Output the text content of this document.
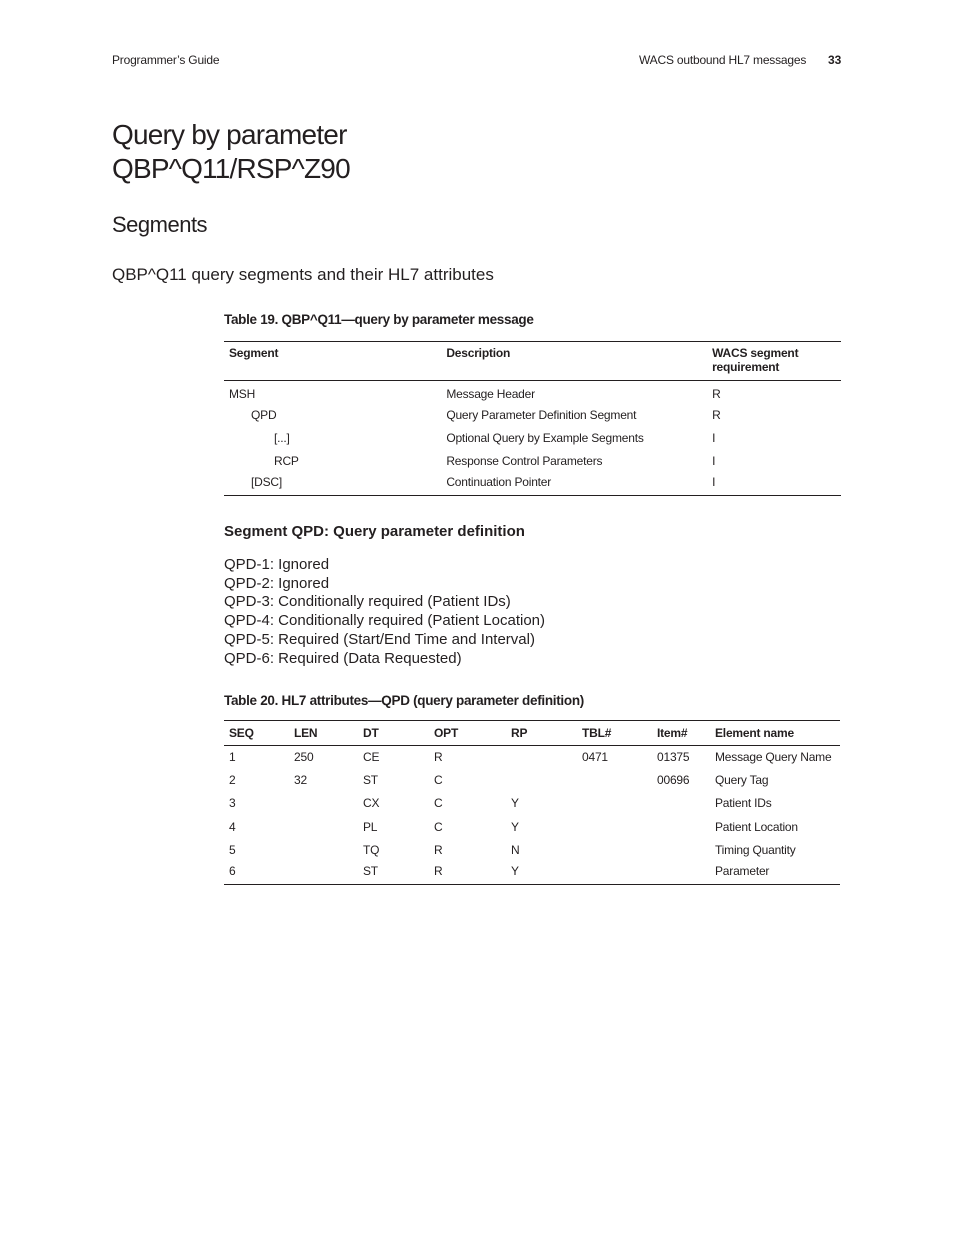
Programmer’s Guide	WACS outbound HL7 messages 33
Query by parameter
QBP^Q11/RSP^Z90
Segments
QBP^Q11 query segments and their HL7 attributes
Table 19. QBP^Q11—query by parameter message
Segment	Description	WACS segment requirement
MSH	Message Header	R
QPD	Query Parameter Definition Segment	R
[...]	Optional Query by Example Segments	I
RCP	Response Control Parameters	I
[DSC]	Continuation Pointer	I
Segment QPD: Query parameter definition
QPD-1: Ignored
QPD-2: Ignored
QPD-3: Conditionally required (Patient IDs)
QPD-4: Conditionally required (Patient Location)
QPD-5: Required (Start/End Time and Interval)
QPD-6: Required (Data Requested)
Table 20. HL7 attributes—QPD (query parameter definition)
SEQ	LEN	DT	OPT	RP	TBL#	Item#	Element name
1	250	CE	R		0471	01375	Message Query Name
2	32	ST	C			00696	Query Tag
3		CX	C	Y			Patient IDs
4		PL	C	Y			Patient Location
5		TQ	R	N			Timing Quantity
6		ST	R	Y			Parameter
